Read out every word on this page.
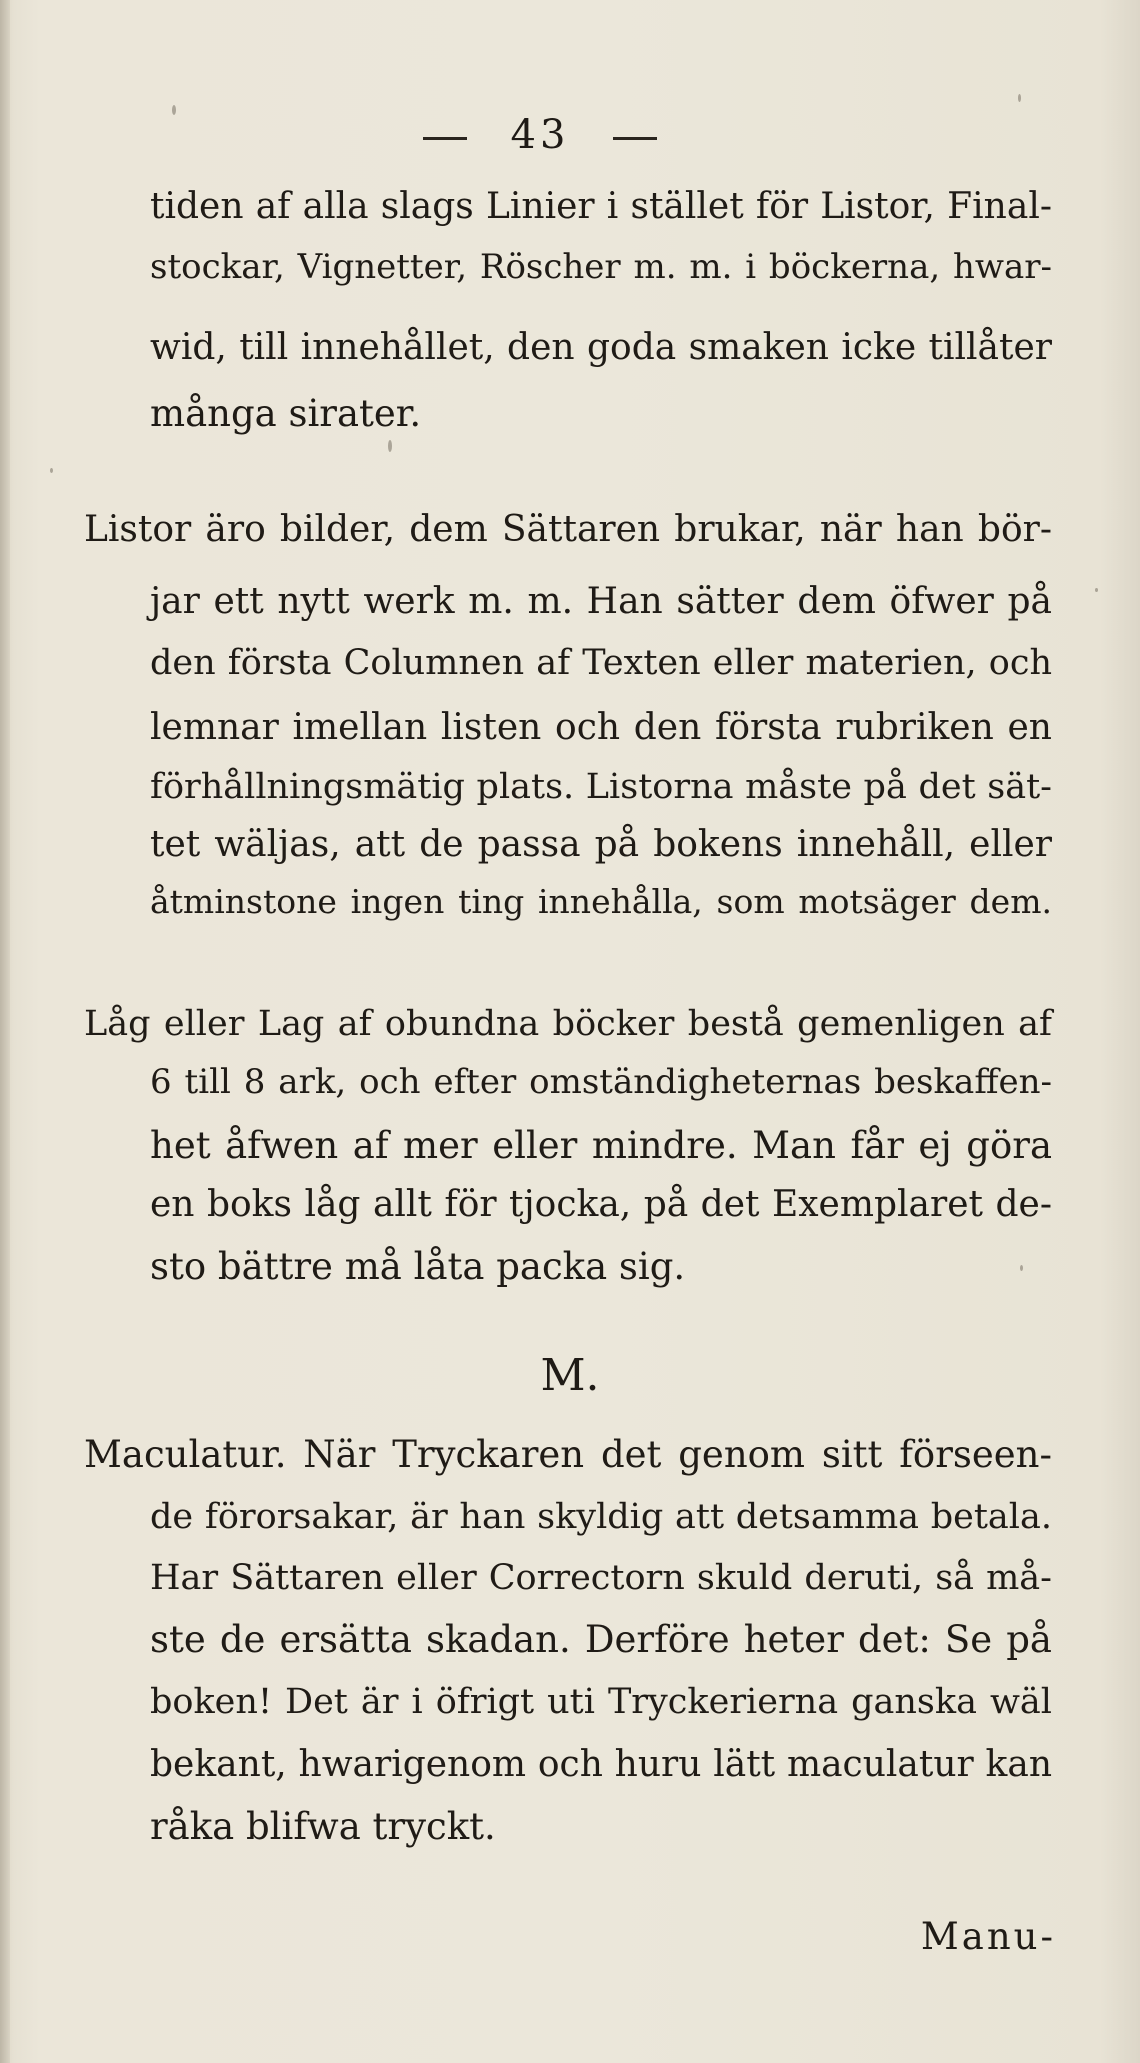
43
tiden af alla slags Linier i stället för Listor, Final-
stockar, Vignetter, Röscher m. m. i böckerna, hwar-
wid, till innehållet, den goda smaken icke tillåter
många sirater.
Listor äro bilder, dem Sättaren brukar, när han bör-
jar ett nytt werk m. m. Han sätter dem öfwer på
den första Columnen af Texten eller materien, och
lemnar imellan listen och den första rubriken en
förhållningsmätig plats. Listorna måste på det sät-
tet wäljas, att de passa på bokens innehåll, eller
åtminstone ingen ting innehålla, som motsäger dem.
Låg eller Lag af obundna böcker bestå gemenligen af
6 till 8 ark, och efter omständigheternas beskaffen-
het åfwen af mer eller mindre. Man får ej göra
en boks låg allt för tjocka, på det Exemplaret de-
sto bättre må låta packa sig.
M.
Maculatur. När Tryckaren det genom sitt förseen-
de förorsakar, är han skyldig att detsamma betala.
Har Sättaren eller Correctorn skuld deruti, så må-
ste de ersätta skadan. Derföre heter det: Se på
boken! Det är i öfrigt uti Tryckerierna ganska wäl
bekant, hwarigenom och huru lätt maculatur kan
råka blifwa tryckt.
Manu-
